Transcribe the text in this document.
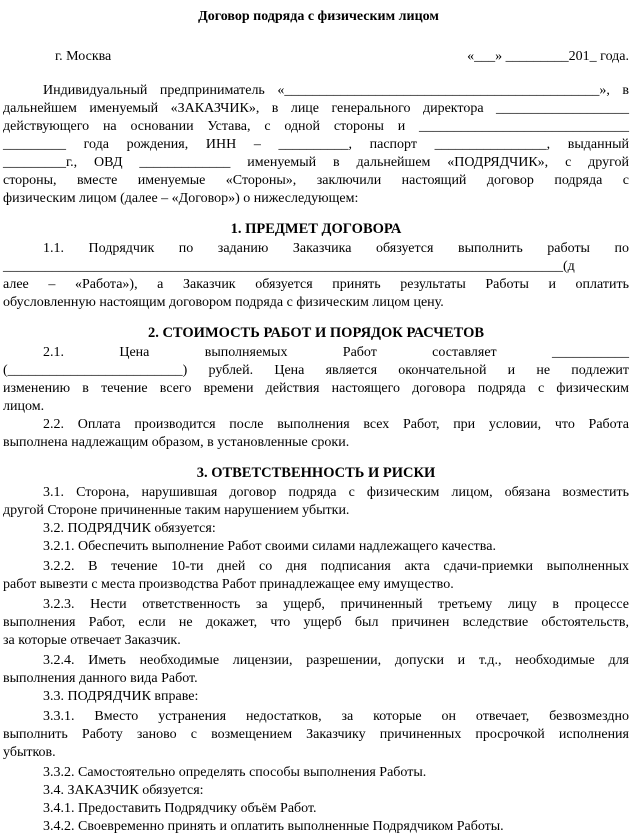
Договор подряда с физическим лицом
г. Москва	«___» _________201_ года.
Индивидуальный предприниматель «_____________________________________________», в
дальнейшем именуемый «ЗАКАЗЧИК», в лице генерального директора ___________________
действующего на основании Устава, с одной стороны и ______________________________
_________ года рождения, ИНН – __________, паспорт ________________, выданный
_________г., ОВД _____________ именуемый в дальнейшем «ПОДРЯДЧИК», с другой
стороны, вместе именуемые «Стороны», заключили настоящий договор подряда с
физическим лицом (далее – «Договор») о нижеследующем:
1. ПРЕДМЕТ ДОГОВОРА
1.1. Подрядчик по заданию Заказчика обязуется выполнить работы по
________________________________________________________________________________(д
алее – «Работа»), а Заказчик обязуется принять результаты Работы и оплатить
обусловленную настоящим договором подряда с физическим лицом цену.
2. СТОИМОСТЬ РАБОТ И ПОРЯДОК РАСЧЕТОВ
2.1. Цена выполняемых Работ составляет ___________
(_________________________) рублей. Цена является окончательной и не подлежит
изменению в течение всего времени действия настоящего договора подряда с физическим
лицом.
2.2. Оплата производится после выполнения всех Работ, при условии, что Работа
выполнена надлежащим образом, в установленные сроки.
3. ОТВЕТСТВЕННОСТЬ И РИСКИ
3.1. Сторона, нарушившая договор подряда с физическим лицом, обязана возместить
другой Стороне причиненные таким нарушением убытки.
3.2. ПОДРЯДЧИК обязуется:
3.2.1. Обеспечить выполнение Работ своими силами надлежащего качества.
3.2.2. В течение 10-ти дней со дня подписания акта сдачи-приемки выполненных
работ вывезти с места производства Работ принадлежащее ему имущество.
3.2.3. Нести ответственность за ущерб, причиненный третьему лицу в процессе
выполнения Работ, если не докажет, что ущерб был причинен вследствие обстоятельств,
за которые отвечает Заказчик.
3.2.4. Иметь необходимые лицензии, разрешении, допуски и т.д., необходимые для
выполнения данного вида Работ.
3.3. ПОДРЯДЧИК вправе:
3.3.1. Вместо устранения недостатков, за которые он отвечает, безвозмездно
выполнить Работу заново с возмещением Заказчику причиненных просрочкой исполнения
убытков.
3.3.2. Самостоятельно определять способы выполнения Работы.
3.4. ЗАКАЗЧИК обязуется:
3.4.1. Предоставить Подрядчику объём Работ.
3.4.2. Своевременно принять и оплатить выполненные Подрядчиком Работы.
